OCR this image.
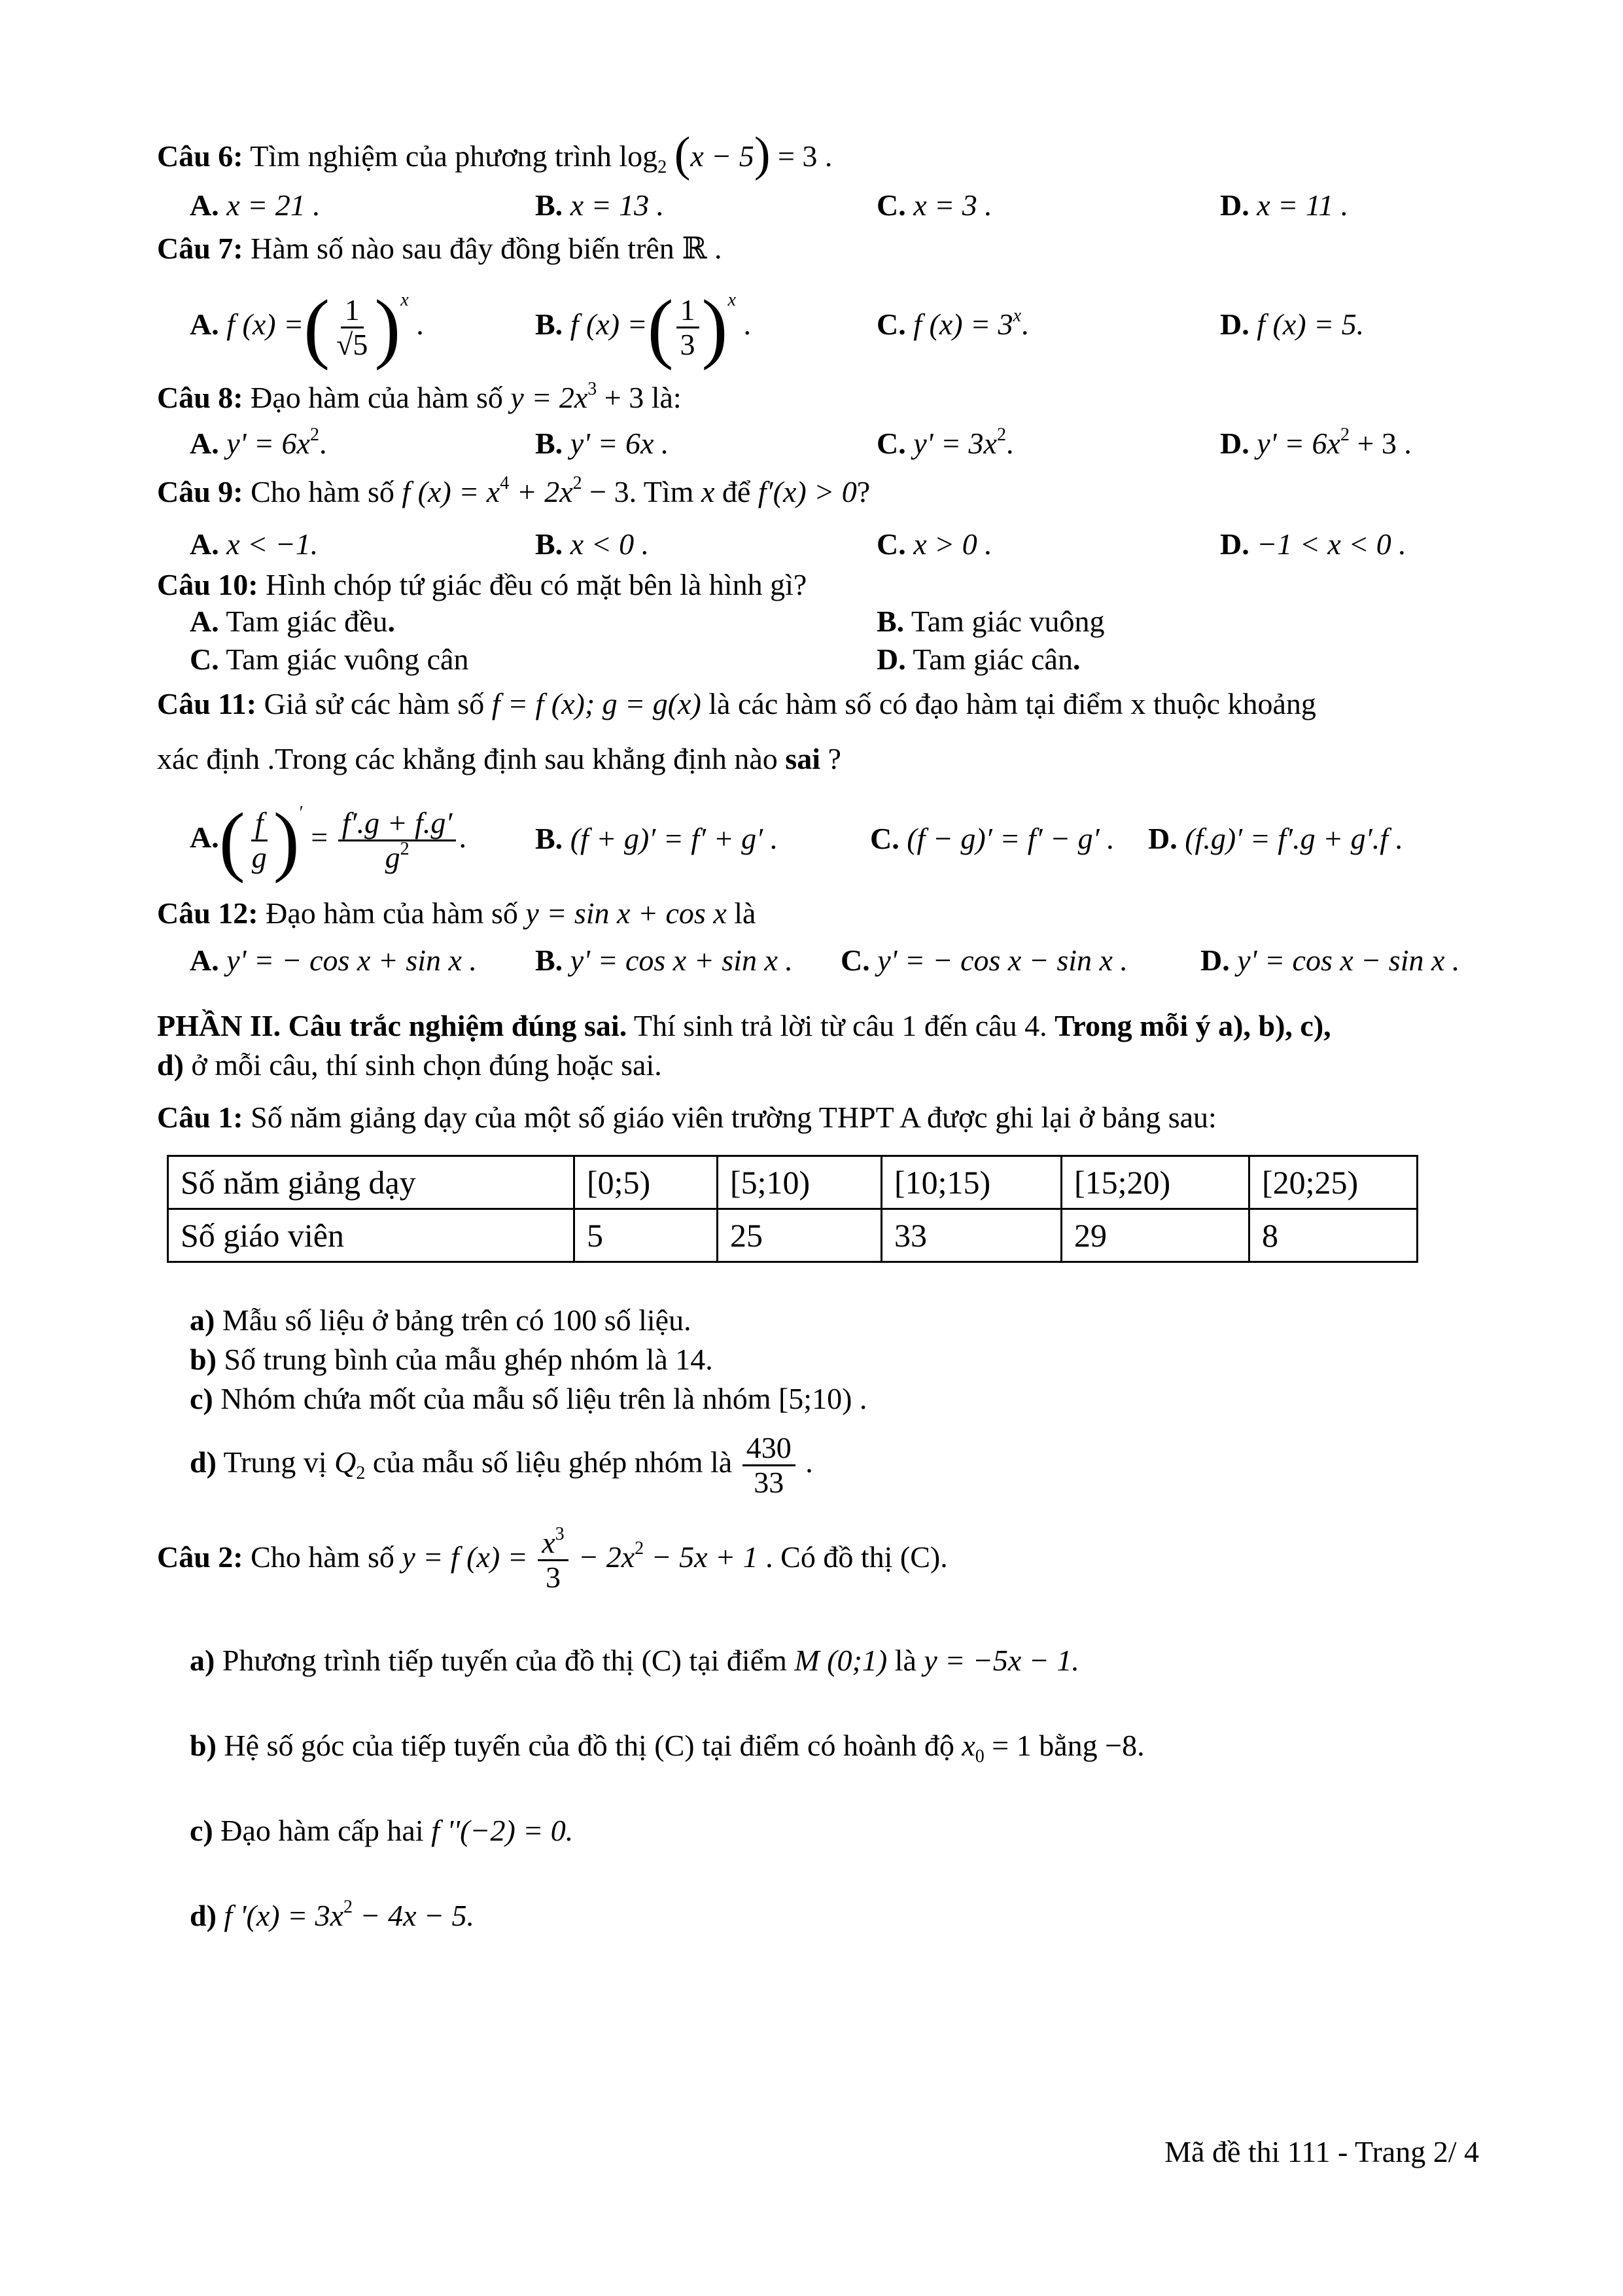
Câu 6: Tìm nghiệm của phương trình $\log_2 (x - 5) = 3$ .
A. x = 21 .	B. x = 13 .	C. x = 3 .	D. x = 11 .
Câu 7: Hàm số nào sau đây đồng biến trên ℝ .
A. f (x) =( $\frac{1}{√5} )^x$ .	B. f (x) =( $\frac{1}{3} )^x$ .	C. f $(x) = 3^x$.	D. f (x) = 5.
Câu 8: Đạo hàm của hàm số $y = 2x^3 + 3$ là:
A. $y' = 6x^2$.	B. y' = 6x .	C. $y' = 3x^2$.	D. $y' = 6x^2 + 3$ .
Câu 9: Cho hàm số f $(x) = x^4 + 2x^2 - 3$. Tìm x để f′(x) > 0?
A. x < −1.	B. x < 0 .	C. x > 0 .	D. −1 < x < 0 .
Câu 10: Hình chóp tứ giác đều có mặt bên là hình gì?
A. Tam giác đều.	B. Tam giác vuông
C. Tam giác vuông cân	D. Tam giác cân.
Câu 11: Giả sử các hàm số f = f (x); g = g(x) là các hàm số có đạo hàm tại điểm x thuộc khoảng
xác định .Trong các khẳng định sau khẳng định nào sai ?
$A.( \frac{f}{g} )' = \frac{f'.g + f.g'}{g^2}$ . B. (f + g)′ = f′ + g′ .	C. (f − g)′ = f′ − g′ . D. (f.g)′ = f′.g + g′.f .
Câu 12: Đạo hàm của hàm số y = sin x + cos x là
A. y' = − cos x + sin x . B. y' = cos x + sin x . C. y' = − cos x − sin x . D. y' = cos x − sin x .
PHẦN II. Câu trắc nghiệm đúng sai. Thí sinh trả lời từ câu 1 đến câu 4. Trong mỗi ý a), b), c),
d) ở mỗi câu, thí sinh chọn đúng hoặc sai.
Câu 1: Số năm giảng dạy của một số giáo viên trường THPT A được ghi lại ở bảng sau:
Số năm giảng dạy	[0;5)	[5;10)	[10;15)	[15;20)	[20;25)
Số giáo viên	5	25	33	29	8
a) Mẫu số liệu ở bảng trên có 100 số liệu.
b) Số trung bình của mẫu ghép nhóm là 14.
c) Nhóm chứa mốt của mẫu số liệu trên là nhóm [5;10) .
d) Trung vị $Q_2$ của mẫu số liệu ghép nhóm là $\frac{430}{33}$ .
Câu 2: Cho hàm số y = f $(x) = \frac{x^3}{3} - 2x^2 - 5x + 1$ . Có đồ thị (C).
a) Phương trình tiếp tuyến của đồ thị (C) tại điểm M (0;1) là y = −5x − 1.
b) Hệ số góc của tiếp tuyến của đồ thị (C) tại điểm có hoành độ $x_0 = 1$ bằng −8.
c) Đạo hàm cấp hai f ''(−2) = 0.
d) f '$(x) = 3x^2 - 4x - 5$.
Mã đề thi 111 - Trang 2/ 4
